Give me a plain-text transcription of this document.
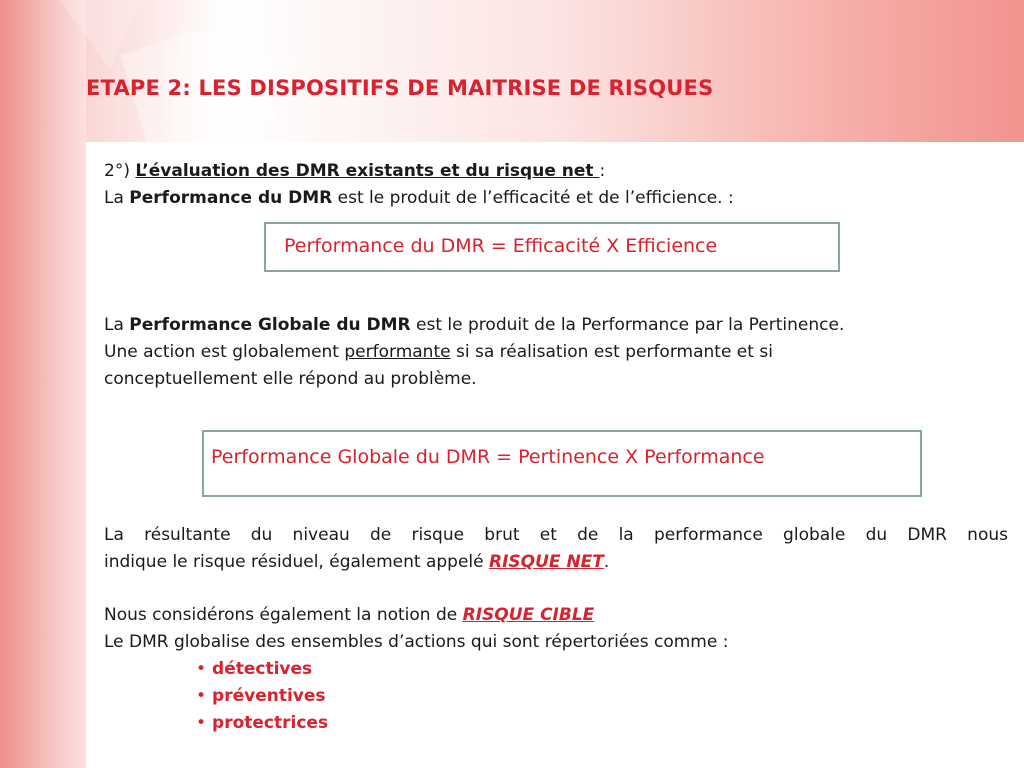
ETAPE 2: LES DISPOSITIFS DE MAITRISE DE RISQUES
2°) L’évaluation des DMR existants et du risque net :
La Performance du DMR est le produit de l’efficacité et de l’efficience. :
Performance du DMR = Efficacité X Efficience
La Performance Globale du DMR est le produit de la Performance par la Pertinence.
Une action est globalement performante si sa réalisation est performante et si
conceptuellement elle répond au problème.
Performance Globale du DMR = Pertinence X Performance
La résultante du niveau de risque brut et de la performance globale du DMR nous
indique le risque résiduel, également appelé RISQUE NET.
Nous considérons également la notion de RISQUE CIBLE
Le DMR globalise des ensembles d’actions qui sont répertoriées comme :
• détectives
• préventives
• protectrices
